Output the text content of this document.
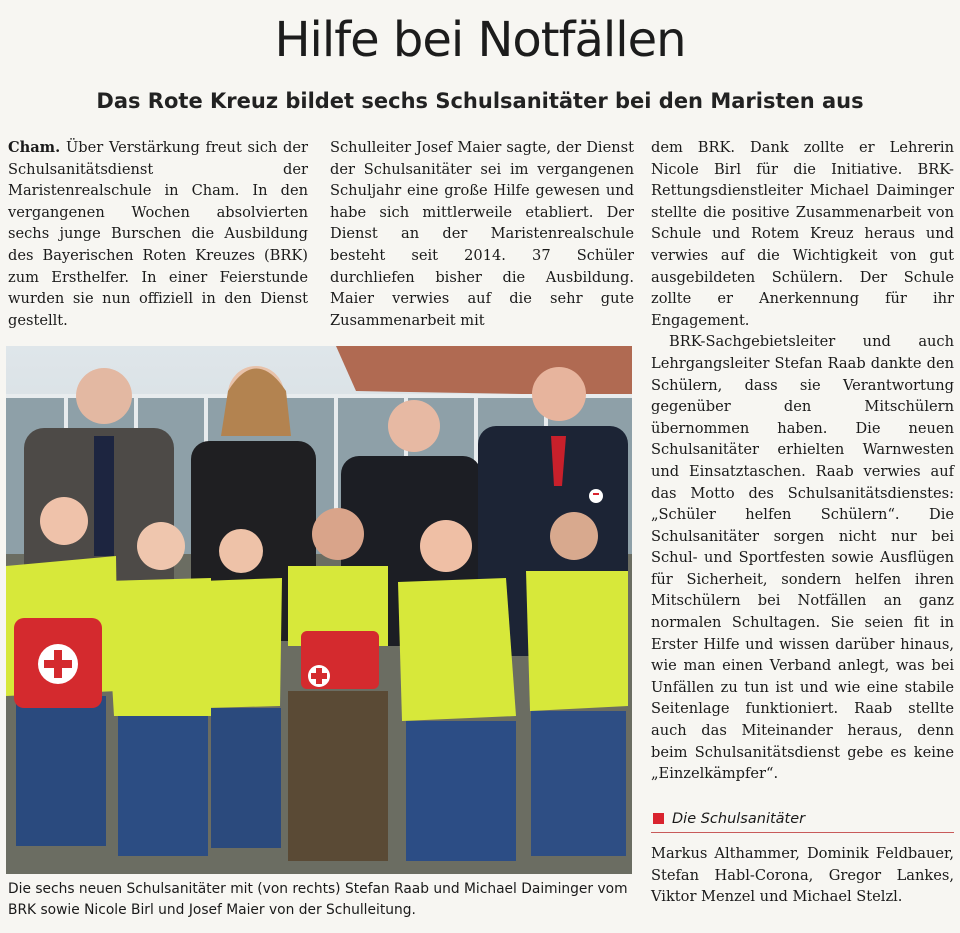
Hilfe bei Notfällen
Das Rote Kreuz bildet sechs Schulsanitäter bei den Maristen aus

Cham. Über Verstärkung freut sich der Schulsanitätsdienst der Maristenrealschule in Cham. In den vergangenen Wochen absolvierten sechs junge Burschen die Ausbildung des Bayerischen Roten Kreuzes (BRK) zum Ersthelfer. In einer Feierstunde wurden sie nun offiziell in den Dienst gestellt.

Schulleiter Josef Maier sagte, der Dienst der Schulsanitäter sei im vergangenen Schuljahr eine große Hilfe gewesen und habe sich mittlerweile etabliert. Der Dienst an der Maristenrealschule besteht seit 2014. 37 Schüler durchliefen bisher die Ausbildung. Maier verwies auf die sehr gute Zusammenarbeit mit

dem BRK. Dank zollte er Lehrerin Nicole Birl für die Initiative. BRK-Rettungsdienstleiter Michael Daiminger stellte die positive Zusammenarbeit von Schule und Rotem Kreuz heraus und verwies auf die Wichtigkeit von gut ausgebildeten Schülern. Der Schule zollte er Anerkennung für ihr Engagement.

BRK-Sachgebietsleiter und auch Lehrgangsleiter Stefan Raab dankte den Schülern, dass sie Verantwortung gegenüber den Mitschülern übernommen haben. Die neuen Schulsanitäter erhielten Warnwesten und Einsatztaschen. Raab verwies auf das Motto des Schulsanitätsdienstes: „Schüler helfen Schülern“. Die Schulsanitäter sorgen nicht nur bei Schul- und Sportfesten sowie Ausflügen für Sicherheit, sondern helfen ihren Mitschülern bei Notfällen an ganz normalen Schultagen. Sie seien fit in Erster Hilfe und wissen darüber hinaus, wie man einen Verband anlegt, was bei Unfällen zu tun ist und wie eine stabile Seitenlage funktioniert. Raab stellte auch das Miteinander heraus, denn beim Schulsanitätsdienst gebe es keine „Einzelkämpfer“.

Die sechs neuen Schulsanitäter mit (von rechts) Stefan Raab und Michael Daiminger vom BRK sowie Nicole Birl und Josef Maier von der Schulleitung.
Die Schulsanitäter
Markus Althammer, Dominik Feldbauer, Stefan Habl-Corona, Gregor Lankes, Viktor Menzel und Michael Stelzl.
